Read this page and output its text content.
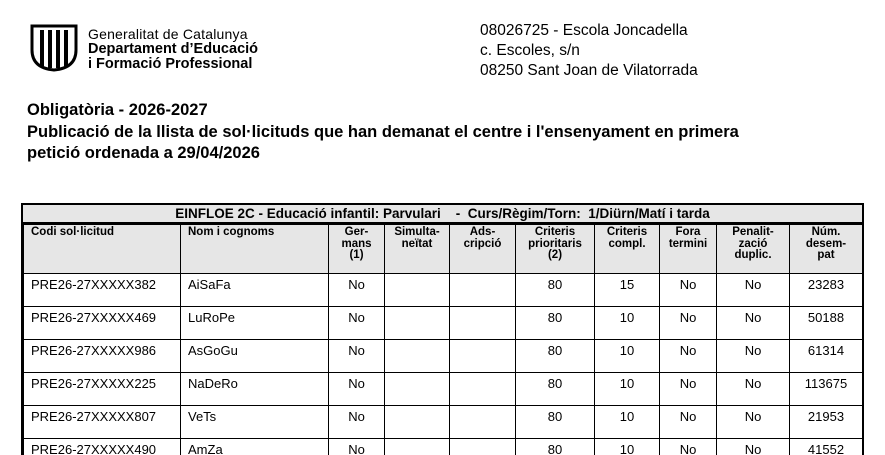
Generalitat de Catalunya
Departament d’Educació
i Formació Professional
08026725 - Escola Joncadella
c. Escoles, s/n
08250 Sant Joan de Vilatorrada
Obligatòria - 2026-2027
Publicació de la llista de sol·licituds que han demanat el centre i l'ensenyament en primera
petició ordenada a 29/04/2026
EINFLOE 2C - Educació infantil: Parvulari    -  Curs/Règim/Torn:  1/Diürn/Matí i tarda
Codi sol·licitud	Nom i cognoms	Ger-
mans
(1)	Simulta-
neïtat	Ads-
cripció	Criteris
prioritaris
(2)	Criteris
compl.	Fora
termini	Penalit-
zació
duplic.	Núm.
desem-
pat
PRE26-27XXXXX382	AiSaFa	No			80	15	No	No	23283
PRE26-27XXXXX469	LuRoPe	No			80	10	No	No	50188
PRE26-27XXXXX986	AsGoGu	No			80	10	No	No	61314
PRE26-27XXXXX225	NaDeRo	No			80	10	No	No	113675
PRE26-27XXXXX807	VeTs	No			80	10	No	No	21953
PRE26-27XXXXX490	AmZa	No			80	10	No	No	41552
